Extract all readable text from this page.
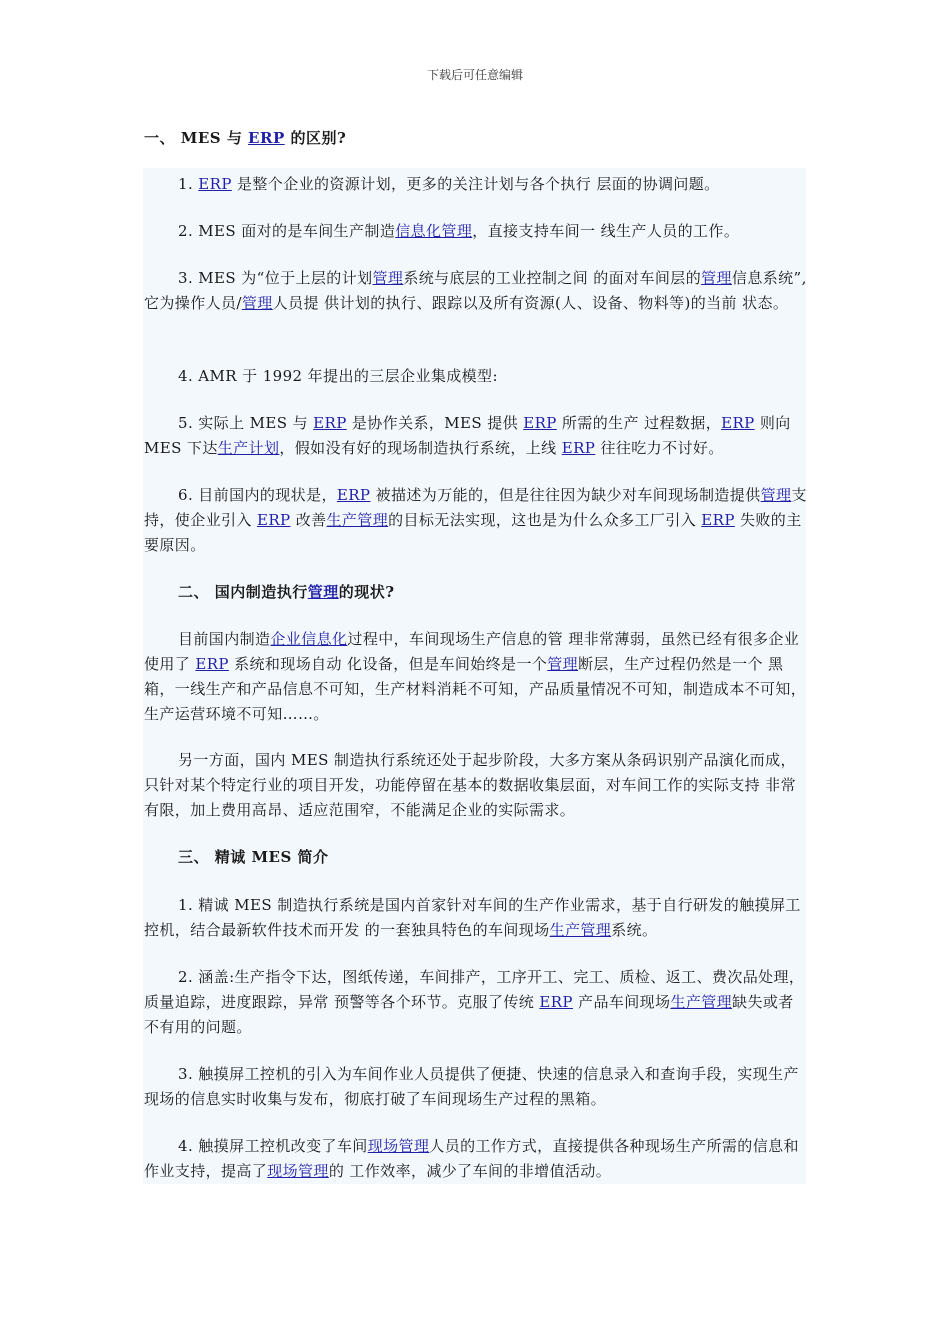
下载后可任意编辑
一、 MES 与 ERP 的区别?
1. ERP 是整个企业的资源计划，更多的关注计划与各个执行 层面的协调问题。
2. MES 面对的是车间生产制造信息化管理，直接支持车间一 线生产人员的工作。
3. MES 为“位于上层的计划管理系统与底层的工业控制之间 的面对车间层的管理信息系统”,它为操作人员/管理人员提 供计划的执行、跟踪以及所有资源(人、设备、物料等)的当前 状态。
4. AMR 于 1992 年提出的三层企业集成模型:
5. 实际上 MES 与 ERP 是协作关系，MES 提供 ERP 所需的生产 过程数据，ERP 则向 MES 下达生产计划，假如没有好的现场制造执行系统，上线 ERP 往往吃力不讨好。
6. 目前国内的现状是，ERP 被描述为万能的，但是往往因为缺少对车间现场制造提供管理支持，使企业引入 ERP 改善生产管理的目标无法实现，这也是为什么众多工厂引入 ERP 失败的主要原因。
二、 国内制造执行管理的现状?
目前国内制造企业信息化过程中，车间现场生产信息的管 理非常薄弱，虽然已经有很多企业使用了 ERP 系统和现场自动 化设备，但是车间始终是一个管理断层，生产过程仍然是一个 黑箱，一线生产和产品信息不可知，生产材料消耗不可知，产品质量情况不可知，制造成本不可知，生产运营环境不可知……。
另一方面，国内 MES 制造执行系统还处于起步阶段，大多方案从条码识别产品演化而成，只针对某个特定行业的项目开发，功能停留在基本的数据收集层面，对车间工作的实际支持 非常有限，加上费用高昂、适应范围窄，不能满足企业的实际需求。
三、 精诚 MES 简介
1. 精诚 MES 制造执行系统是国内首家针对车间的生产作业需求，基于自行研发的触摸屏工控机，结合最新软件技术而开发 的一套独具特色的车间现场生产管理系统。
2. 涵盖:生产指令下达，图纸传递，车间排产，工序开工、完工、质检、返工、费次品处理，质量追踪，进度跟踪，异常 预警等各个环节。克服了传统 ERP 产品车间现场生产管理缺失或者不有用的问题。
3. 触摸屏工控机的引入为车间作业人员提供了便捷、快速的信息录入和查询手段，实现生产现场的信息实时收集与发布，彻底打破了车间现场生产过程的黑箱。
4. 触摸屏工控机改变了车间现场管理人员的工作方式，直接提供各种现场生产所需的信息和作业支持，提高了现场管理的 工作效率，减少了车间的非增值活动。
